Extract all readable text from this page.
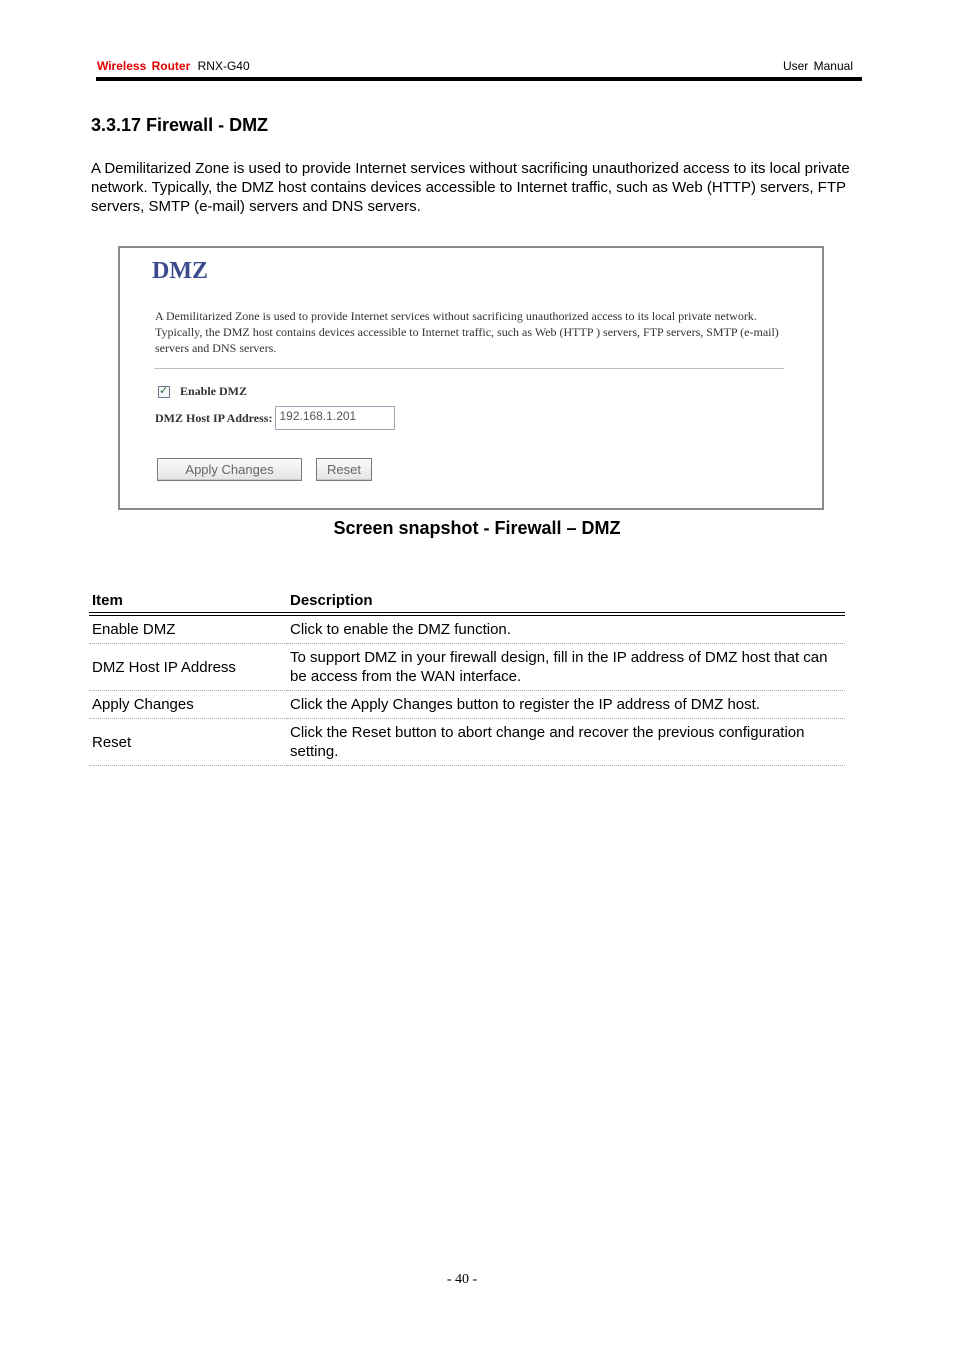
Wireless Router RNX-G40	User Manual
3.3.17 Firewall - DMZ

A Demilitarized Zone is used to provide Internet services without sacrificing unauthorized access to its local private network. Typically, the DMZ host contains devices accessible to Internet traffic, such as Web (HTTP) servers, FTP servers, SMTP (e-mail) servers and DNS servers.

DMZ

A Demilitarized Zone is used to provide Internet services without sacrificing unauthorized access to its local private network. Typically, the DMZ host contains devices accessible to Internet traffic, such as Web (HTTP ) servers, FTP servers, SMTP (e-mail) servers and DNS servers.

✓ Enable DMZ
DMZ Host IP Address: 192.168.1.201
Apply Changes	Reset

Screen snapshot - Firewall – DMZ

Item	Description
Enable DMZ	Click to enable the DMZ function.
DMZ Host IP Address	To support DMZ in your firewall design, fill in the IP address of DMZ host that can be access from the WAN interface.
Apply Changes	Click the Apply Changes button to register the IP address of DMZ host.
Reset	Click the Reset button to abort change and recover the previous configuration setting.
- 40 -
